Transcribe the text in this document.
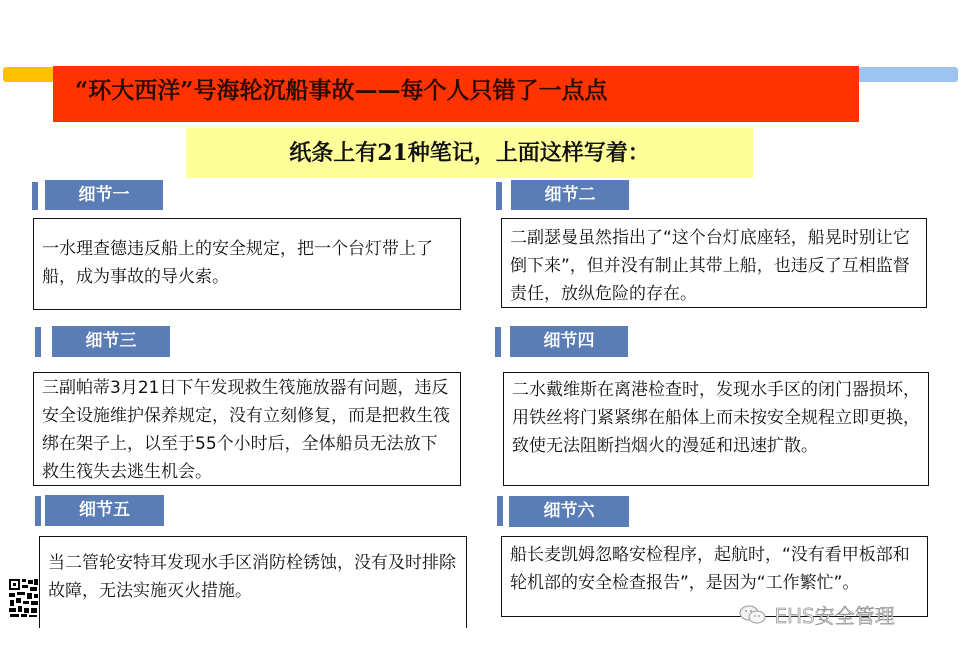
“环大西洋”号海轮沉船事故——每个人只错了一点点
纸条上有21种笔记，上面这样写着：
细节一
一水理查德违反船上的安全规定，把一个台灯带上了船，成为事故的导火索。
细节二
二副瑟曼虽然指出了“这个台灯底座轻，船晃时别让它倒下来”，但并没有制止其带上船，也违反了互相监督责任，放纵危险的存在。
细节三
三副帕蒂3月21日下午发现救生筏施放器有问题，违反安全设施维护保养规定，没有立刻修复，而是把救生筏绑在架子上，以至于55个小时后，全体船员无法放下救生筏失去逃生机会。
细节四
二水戴维斯在离港检查时，发现水手区的闭门器损坏，用铁丝将门紧紧绑在船体上而未按安全规程立即更换，致使无法阻断挡烟火的漫延和迅速扩散。
细节五
当二管轮安特耳发现水手区消防栓锈蚀，没有及时排除故障，无法实施灭火措施。
细节六
船长麦凯姆忽略安检程序，起航时，“没有看甲板部和轮机部的安全检查报告”，是因为“工作繁忙”。
EHS安全管理
